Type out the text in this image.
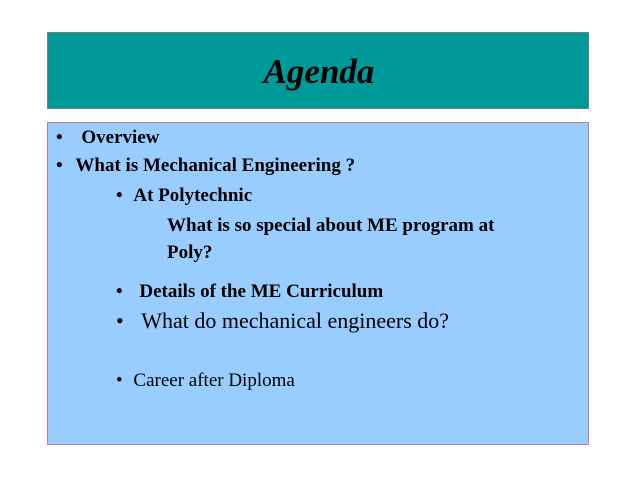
Agenda
• Overview
• What is Mechanical Engineering ?
• At Polytechnic
What is so special about ME program at
Poly?
• Details of the ME Curriculum
• What do mechanical engineers do?
• Career after Diploma
